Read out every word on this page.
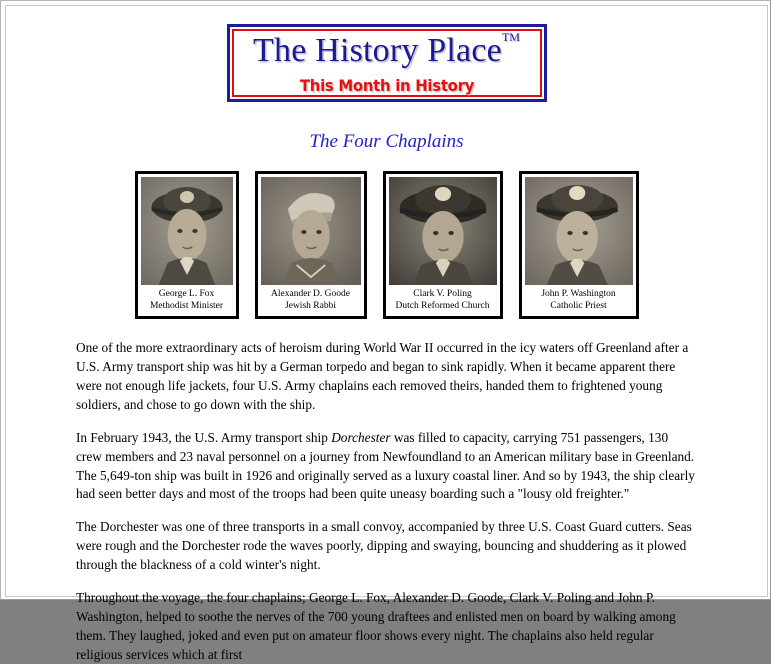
The History Place™
This Month in History
The Four Chaplains
George L. Fox
Methodist Minister
Alexander D. Goode
Jewish Rabbi
Clark V. Poling
Dutch Reformed Church
John P. Washington
Catholic Priest

One of the more extraordinary acts of heroism during World War II occurred in the icy waters off Greenland after a U.S. Army transport ship was hit by a German torpedo and began to sink rapidly. When it became apparent there were not enough life jackets, four U.S. Army chaplains each removed theirs, handed them to frightened young soldiers, and chose to go down with the ship.

In February 1943, the U.S. Army transport ship Dorchester was filled to capacity, carrying 751 passengers, 130 crew members and 23 naval personnel on a journey from Newfoundland to an American military base in Greenland. The 5,649-ton ship was built in 1926 and originally served as a luxury coastal liner. And so by 1943, the ship clearly had seen better days and most of the troops had been quite uneasy boarding such a "lousy old freighter."

The Dorchester was one of three transports in a small convoy, accompanied by three U.S. Coast Guard cutters. Seas were rough and the Dorchester rode the waves poorly, dipping and swaying, bouncing and shuddering as it plowed through the blackness of a cold winter's night.

Throughout the voyage, the four chaplains; George L. Fox, Alexander D. Goode, Clark V. Poling and John P. Washington, helped to soothe the nerves of the 700 young draftees and enlisted men on board by walking among them. They laughed, joked and even put on amateur floor shows every night. The chaplains also held regular religious services which at first
